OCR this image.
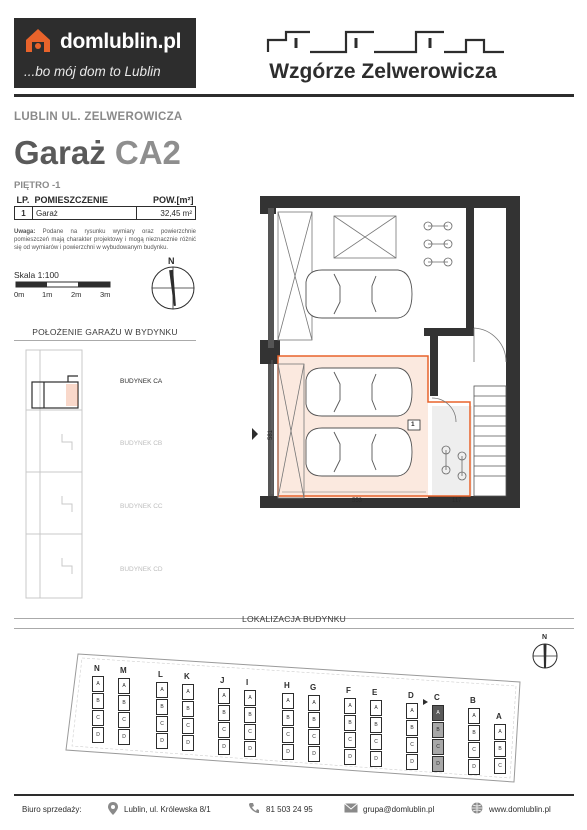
domlublin.pl
...bo mój dom to Lublin	Wzgórze Zelwerowicza
LUBLIN UL. ZELWEROWICZA
Garaż CA2
PIĘTRO -1
LP.	POMIESZCZENIE	POW.[m²]
1	Garaż	32,45 m²
Uwaga: Podane na rysunku wymiary oraz powierzchnie pomieszczeń mają charakter projektowy i mogą nieznacznie różnić się od wymiarów i powierzchni w wybudowanym budynku.
Skala 1:100
0m 1m 2m 3m
N
POŁOŻENIE GARAŻU W BYDYNKU
BUDYNEK CA
BUDYNEK CB
BUDYNEK CC
BUDYNEK CD
553
581
117
1
LOKALIZACJA BUDYNKU
N
A
B
C
D
M
A
B
C
D
L
A
B
C
D
K
A
B
C
D
J
A
B
C
D
I
A
B
C
D
H
A
B
C
D
G
A
B
C
D
F
A
B
C
D
E
A
B
C
D
D
A
B
C
D
C
A
B
C
D
B
A
B
C
D
A
A
B
C
N
Biuro sprzedaży:	Lublin, ul. Królewska 8/1	81 503 24 95	grupa@domlublin.pl	www.domlublin.pl
